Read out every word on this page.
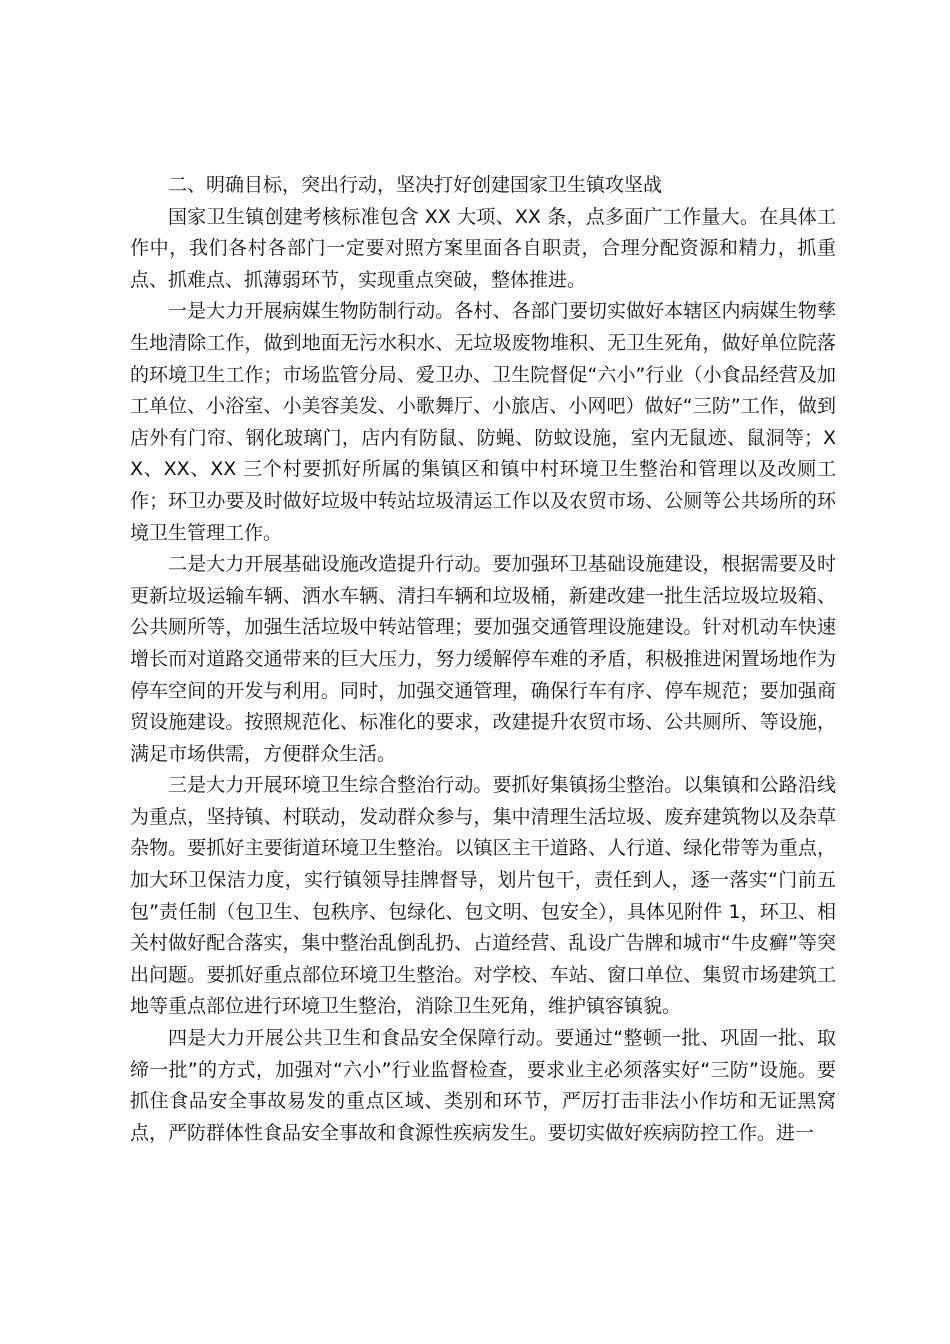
二、明确目标，突出行动，坚决打好创建国家卫生镇攻坚战

国家卫生镇创建考核标准包含 XX 大项、XX 条，点多面广工作量大。在具体工作中，我们各村各部门一定要对照方案里面各自职责，合理分配资源和精力，抓重点、抓难点、抓薄弱环节，实现重点突破，整体推进。

一是大力开展病媒生物防制行动。各村、各部门要切实做好本辖区内病媒生物孳生地清除工作，做到地面无污水积水、无垃圾废物堆积、无卫生死角，做好单位院落的环境卫生工作；市场监管分局、爱卫办、卫生院督促“六小”行业（小食品经营及加工单位、小浴室、小美容美发、小歌舞厅、小旅店、小网吧）做好“三防”工作，做到店外有门帘、钢化玻璃门，店内有防鼠、防蝇、防蚊设施，室内无鼠迹、鼠洞等；XX、XX、XX 三个村要抓好所属的集镇区和镇中村环境卫生整治和管理以及改厕工作；环卫办要及时做好垃圾中转站垃圾清运工作以及农贸市场、公厕等公共场所的环境卫生管理工作。

二是大力开展基础设施改造提升行动。要加强环卫基础设施建设，根据需要及时更新垃圾运输车辆、洒水车辆、清扫车辆和垃圾桶，新建改建一批生活垃圾垃圾箱、公共厕所等，加强生活垃圾中转站管理；要加强交通管理设施建设。针对机动车快速增长而对道路交通带来的巨大压力，努力缓解停车难的矛盾，积极推进闲置场地作为停车空间的开发与利用。同时，加强交通管理，确保行车有序、停车规范；要加强商贸设施建设。按照规范化、标准化的要求，改建提升农贸市场、公共厕所、等设施，满足市场供需，方便群众生活。

三是大力开展环境卫生综合整治行动。要抓好集镇扬尘整治。以集镇和公路沿线为重点，坚持镇、村联动，发动群众参与，集中清理生活垃圾、废弃建筑物以及杂草杂物。要抓好主要街道环境卫生整治。以镇区主干道路、人行道、绿化带等为重点，加大环卫保洁力度，实行镇领导挂牌督导，划片包干，责任到人，逐一落实“门前五包”责任制（包卫生、包秩序、包绿化、包文明、包安全），具体见附件 1，环卫、相关村做好配合落实，集中整治乱倒乱扔、占道经营、乱设广告牌和城市“牛皮癣”等突出问题。要抓好重点部位环境卫生整治。对学校、车站、窗口单位、集贸市场建筑工地等重点部位进行环境卫生整治，消除卫生死角，维护镇容镇貌。

四是大力开展公共卫生和食品安全保障行动。要通过“整顿一批、巩固一批、取缔一批”的方式，加强对“六小”行业监督检查，要求业主必须落实好“三防”设施。要抓住食品安全事故易发的重点区域、类别和环节，严厉打击非法小作坊和无证黑窝点，严防群体性食品安全事故和食源性疾病发生。要切实做好疾病防控工作。进一
